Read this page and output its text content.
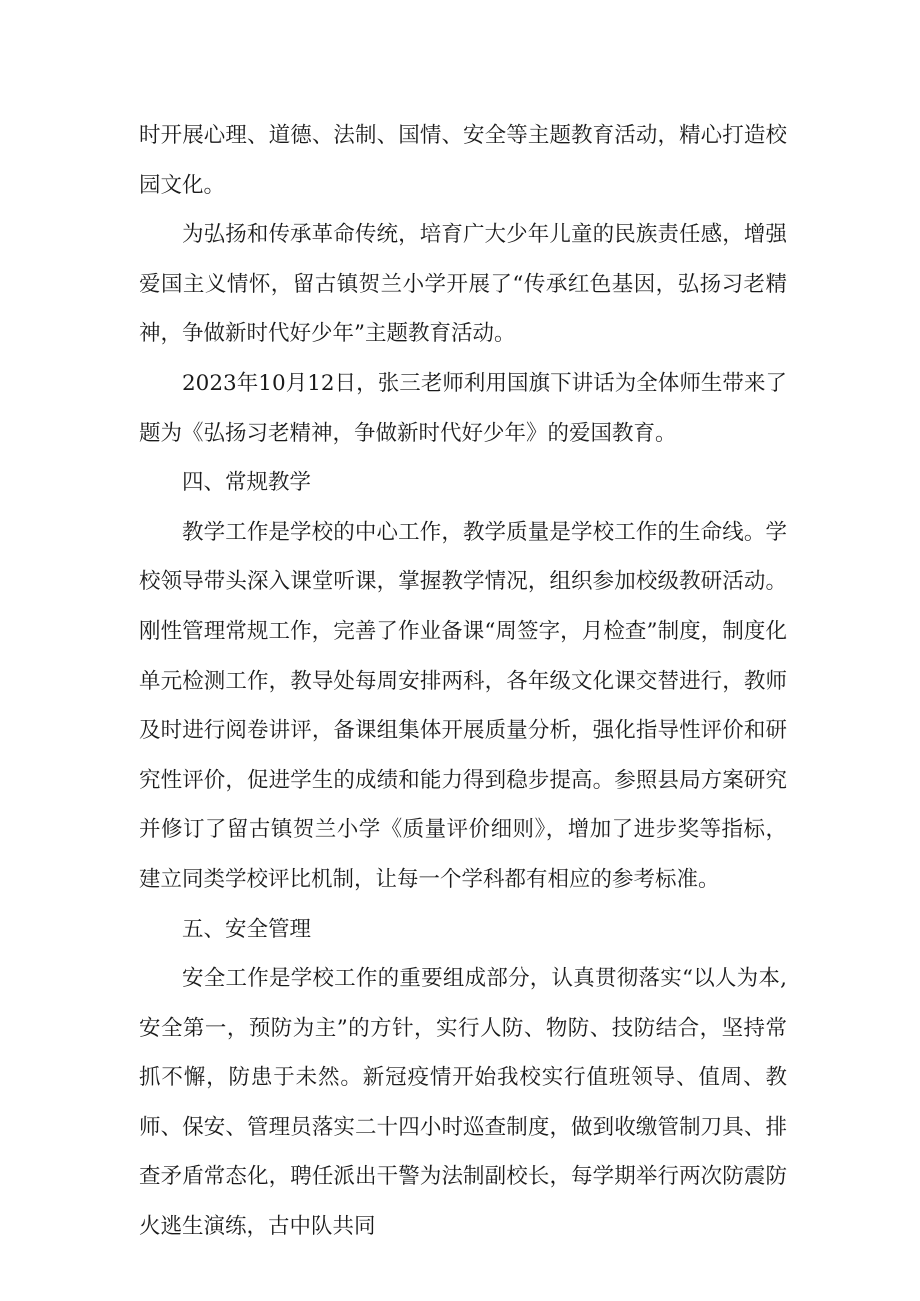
时开展心理、道德、法制、国情、安全等主题教育活动，精心打造校园文化。

为弘扬和传承革命传统，培育广大少年儿童的民族责任感，增强爱国主义情怀，留古镇贺兰小学开展了“传承红色基因，弘扬习老精神，争做新时代好少年”主题教育活动。

2023年10月12日，张三老师利用国旗下讲话为全体师生带来了题为《弘扬习老精神，争做新时代好少年》的爱国教育。

四、常规教学

教学工作是学校的中心工作，教学质量是学校工作的生命线。学校领导带头深入课堂听课，掌握教学情况，组织参加校级教研活动。刚性管理常规工作，完善了作业备课“周签字，月检查”制度，制度化单元检测工作，教导处每周安排两科，各年级文化课交替进行，教师及时进行阅卷讲评，备课组集体开展质量分析，强化指导性评价和研究性评价，促进学生的成绩和能力得到稳步提高。参照县局方案研究并修订了留古镇贺兰小学《质量评价细则》，增加了进步奖等指标，建立同类学校评比机制，让每一个学科都有相应的参考标准。

五、安全管理

安全工作是学校工作的重要组成部分，认真贯彻落实“以人为本,安全第一，预防为主”的方针，实行人防、物防、技防结合，坚持常抓不懈，防患于未然。新冠疫情开始我校实行值班领导、值周、教师、保安、管理员落实二十四小时巡查制度，做到收缴管制刀具、排查矛盾常态化，聘任派出干警为法制副校长，每学期举行两次防震防火逃生演练，古中队共同
